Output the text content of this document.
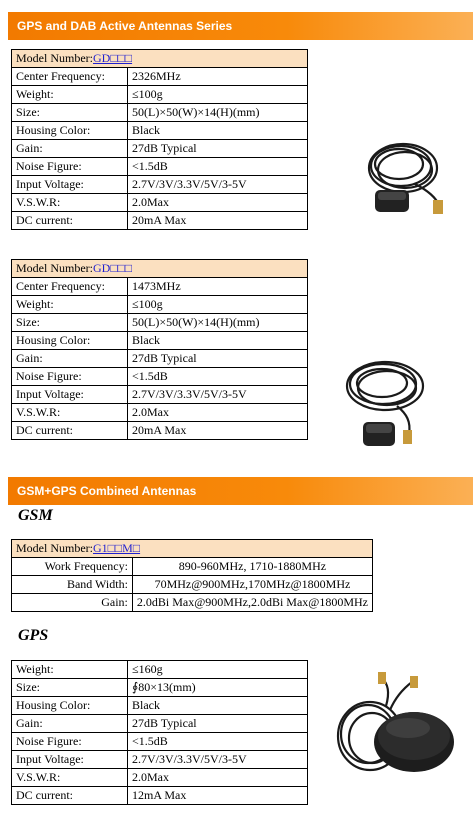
GPS and DAB Active Antennas Series
Model Number:GD□□□	
Center Frequency:	2326MHz
Weight:	≤100g
Size:	50(L)×50(W)×14(H)(mm)
Housing Color:	Black
Gain:	27dB Typical
Noise Figure:	<1.5dB
Input Voltage:	2.7V/3V/3.3V/5V/3-5V
V.S.W.R:	2.0Max
DC current:	20mA Max
Model Number:GD□□□	
Center Frequency:	1473MHz
Weight:	≤100g
Size:	50(L)×50(W)×14(H)(mm)
Housing Color:	Black
Gain:	27dB Typical
Noise Figure:	<1.5dB
Input Voltage:	2.7V/3V/3.3V/5V/3-5V
V.S.W.R:	2.0Max
DC current:	20mA Max
GSM+GPS Combined Antennas
GSM
Model Number:G1□□M□	
Work Frequency:	890-960MHz, 1710-1880MHz
Band Width:	70MHz@900MHz,170MHz@1800MHz
Gain:	2.0dBi Max@900MHz,2.0dBi Max@1800MHz
GPS
Weight:	≤160g
Size:	∮80×13(mm)
Housing Color:	Black
Gain:	27dB Typical
Noise Figure:	<1.5dB
Input Voltage:	2.7V/3V/3.3V/5V/3-5V
V.S.W.R:	2.0Max
DC current:	12mA Max
